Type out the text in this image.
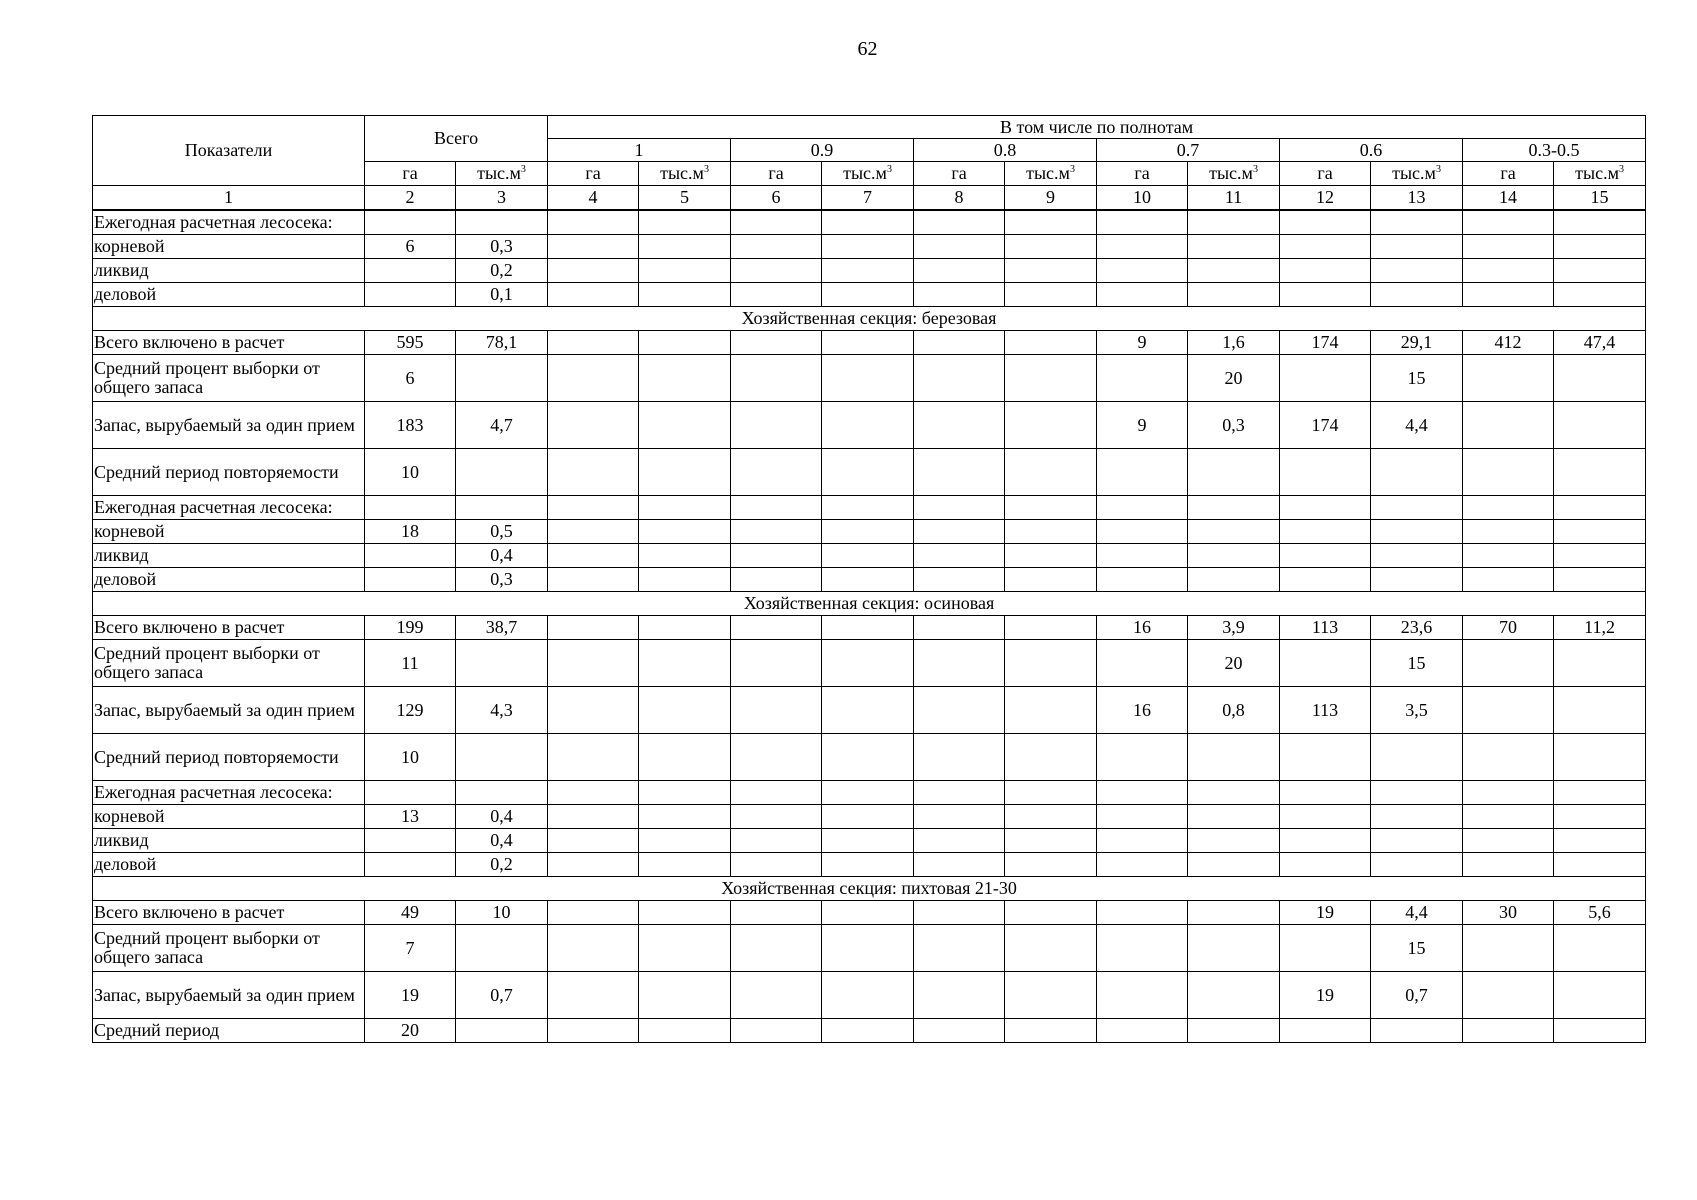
62
Показатели	Всего		В том числе по полнотам											
			1		0.9		0.8		0.7		0.6		0.3-0.5	
	га	$тыс.м^3$	га	$тыс.м^3$	га	$тыс.м^3$	га	$тыс.м^3$	га	$тыс.м^3$	га	$тыс.м^3$	га	$тыс.м^3$
1	2	3	4	5	6	7	8	9	10	11	12	13	14	15
Ежегодная расчетная лесосека:														
корневой	6	0,3												
ликвид		0,2												
деловой		0,1												
Хозяйственная секция: березовая														
Всего включено в расчет	595	78,1							9	1,6	174	29,1	412	47,4
Средний процент выборки от общего запаса	6									20		15		
Запас, вырубаемый за один прием	183	4,7							9	0,3	174	4,4		
Средний период повторяемости	10													
Ежегодная расчетная лесосека:														
корневой	18	0,5												
ликвид		0,4												
деловой		0,3												
Хозяйственная секция: осиновая														
Всего включено в расчет	199	38,7							16	3,9	113	23,6	70	11,2
Средний процент выборки от общего запаса	11									20		15		
Запас, вырубаемый за один прием	129	4,3							16	0,8	113	3,5		
Средний период повторяемости	10													
Ежегодная расчетная лесосека:														
корневой	13	0,4												
ликвид		0,4												
деловой		0,2												
Хозяйственная секция: пихтовая 21-30														
Всего включено в расчет	49	10									19	4,4	30	5,6
Средний процент выборки от общего запаса	7											15		
Запас, вырубаемый за один прием	19	0,7									19	0,7		
Средний период	20													
